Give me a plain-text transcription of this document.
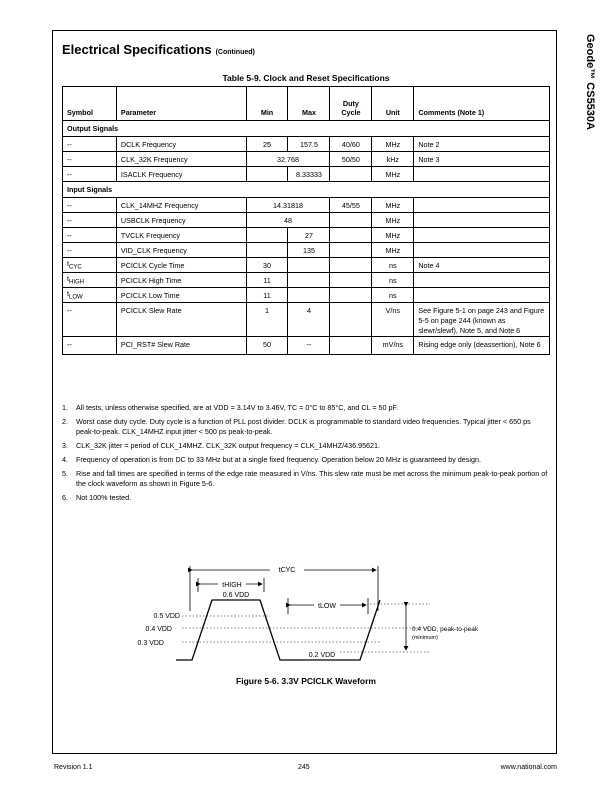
Geode™ CS5530A
Electrical Specifications (Continued)
Table 5-9. Clock and Reset Specifications
Symbol	Parameter	Min	Max	Duty Cycle	Unit	Comments (Note 1)
Output Signals						
--	DCLK Frequency	25	157.5	40/60	MHz	Note 2
--	CLK_32K Frequency	32.768		50/50	kHz	Note 3
--	ISACLK Frequency		8.33333		MHz	
Input Signals						
--	CLK_14MHZ Frequency	14.31818		45/55	MHz	
--	USBCLK Frequency	48			MHz	
--	TVCLK Frequency		27		MHz	
--	VID_CLK Frequency		135		MHz	
$t_{CYC}$	PCICLK Cycle Time	30			ns	Note 4
$t_{HIGH}$	PCICLK High Time	11			ns	
$t_{LOW}$	PCICLK Low Time	11			ns	
--	PCICLK Slew Rate	1	4		V/ns	See Figure 5-1 on page 243 and Figure 5-5 on page 244 (known as slewr/slewf), Note 5, and Note 6
--	PCI_RST# Slew Rate	50	--		mV/ns	Rising edge only (deassertion), Note 6
1. All tests, unless otherwise specified, are at VDD = 3.14V to 3.46V, TC = 0°C to 85°C, and CL = 50 pF.
2. Worst case duty cycle. Duty cycle is a function of PLL post divider. DCLK is programmable to standard video frequencies. Typical jitter < 650 ps peak-to-peak. CLK_14MHZ input jitter < 500 ps peak-to-peak.
3. CLK_32K jitter = period of CLK_14MHZ. CLK_32K output frequency = CLK_14MHZ/436.95621.
4. Frequency of operation is from DC to 33 MHz but at a single fixed frequency. Operation below 20 MHz is guaranteed by design.
5. Rise and fall times are specified in terms of the edge rate measured in V/ns. This slew rate must be met across the minimum peak-to-peak portion of the clock waveform as shown in Figure 5-6.
6. Not 100% tested.
tCYC
tHIGH
tLOW
0.6 VDD
0.5 VDD
0.4 VDD
0.3 VDD
0.2 VDD
0.4 VDD, peak-to-peak
(minimum)
Figure 5-6. 3.3V PCICLK Waveform
Revision 1.1	245	www.national.com
